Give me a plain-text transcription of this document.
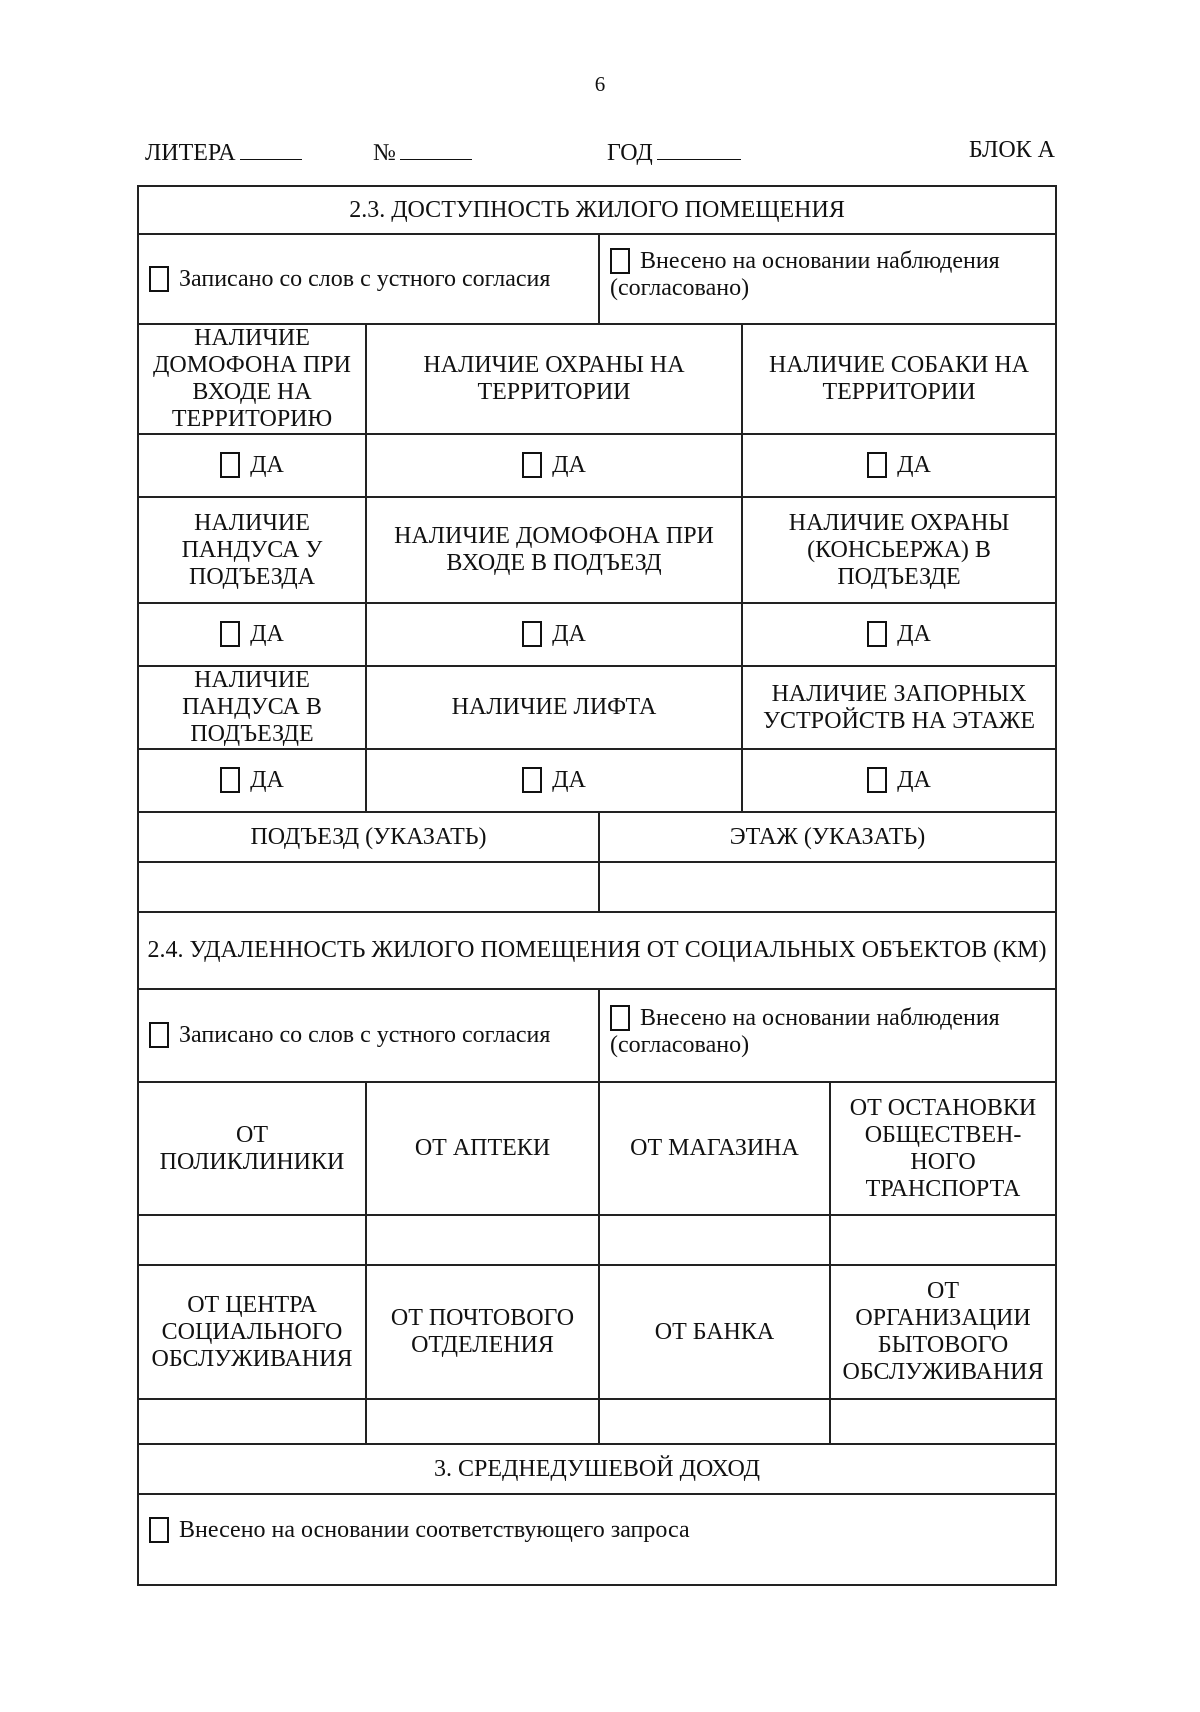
6
ЛИТЕРА	№	ГОД	БЛОК А
2.3. ДОСТУПНОСТЬ ЖИЛОГО ПОМЕЩЕНИЯ				
Записано со слов с устного согласия		Внесено на основании наблюдения
(согласовано)		
НАЛИЧИЕ ДОМОФОНА ПРИ ВХОДЕ НА ТЕРРИТОРИЮ	НАЛИЧИЕ ОХРАНЫ НА ТЕРРИТОРИИ		НАЛИЧИЕ СОБАКИ НА ТЕРРИТОРИИ	
ДА	ДА		ДА	
НАЛИЧИЕ ПАНДУСА У ПОДЪЕЗДА	НАЛИЧИЕ ДОМОФОНА ПРИ ВХОДЕ В ПОДЪЕЗД		НАЛИЧИЕ ОХРАНЫ (КОНСЬЕРЖА) В ПОДЪЕЗДЕ	
ДА	ДА		ДА	
НАЛИЧИЕ ПАНДУСА В ПОДЪЕЗДЕ	НАЛИЧИЕ ЛИФТА		НАЛИЧИЕ ЗАПОРНЫХ УСТРОЙСТВ НА ЭТАЖЕ	
ДА	ДА		ДА	
ПОДЪЕЗД (УКАЗАТЬ)		ЭТАЖ (УКАЗАТЬ)		

2.4. УДАЛЕННОСТЬ ЖИЛОГО ПОМЕЩЕНИЯ ОТ СОЦИАЛЬНЫХ ОБЪЕКТОВ (КМ)				
Записано со слов с устного согласия		Внесено на основании наблюдения
(согласовано)		
ОТ ПОЛИКЛИНИКИ	ОТ АПТЕКИ	ОТ МАГАЗИНА		ОТ ОСТАНОВКИ ОБЩЕСТВЕН-НОГО ТРАНСПОРТА

ОТ ЦЕНТРА СОЦИАЛЬНОГО ОБСЛУЖИВАНИЯ	ОТ ПОЧТОВОГО ОТДЕЛЕНИЯ	ОТ БАНКА		ОТ ОРГАНИЗАЦИИ БЫТОВОГО ОБСЛУЖИВАНИЯ

3. СРЕДНЕДУШЕВОЙ ДОХОД				
Внесено на основании соответствующего запроса				
